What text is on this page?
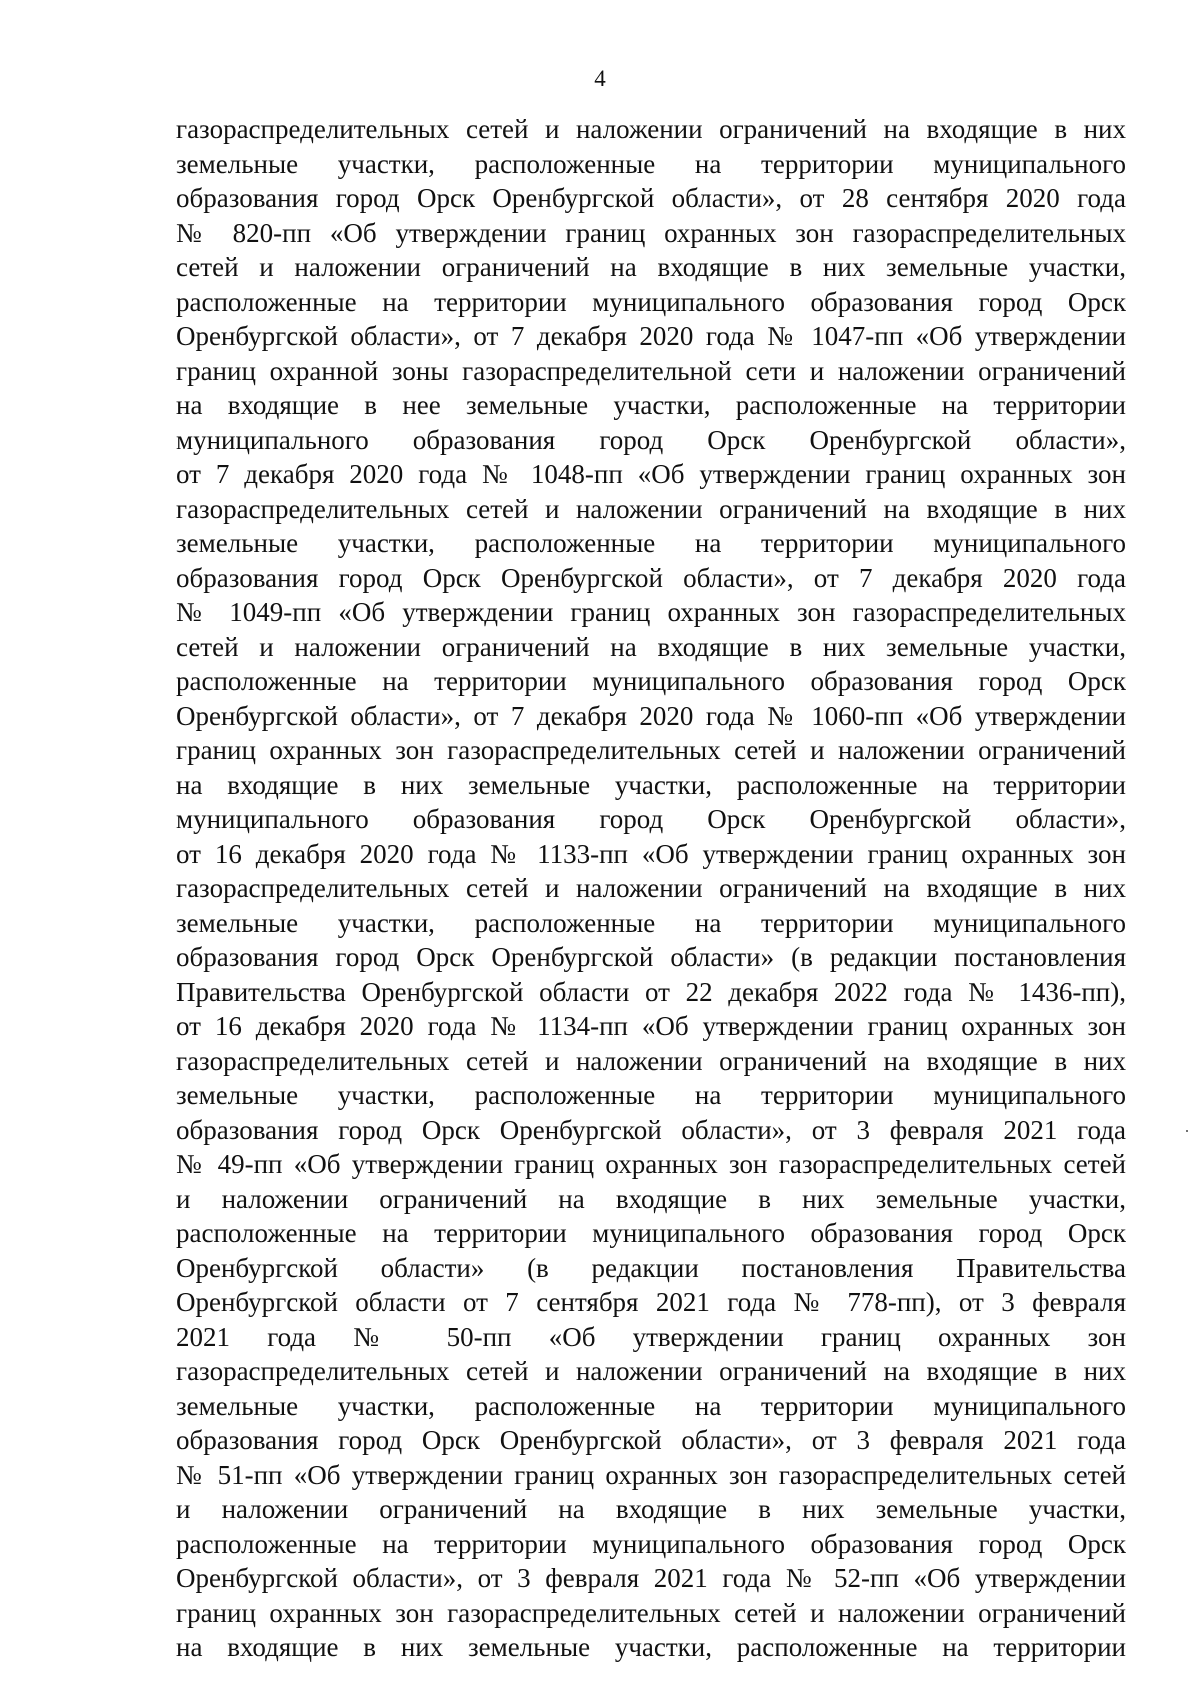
4
газораспределительных сетей и наложении ограничений на входящие в них
земельные участки, расположенные на территории муниципального
образования город Орск Оренбургской области», от 28 сентября 2020 года
№ 820-пп «Об утверждении границ охранных зон газораспределительных
сетей и наложении ограничений на входящие в них земельные участки,
расположенные на территории муниципального образования город Орск
Оренбургской области», от 7 декабря 2020 года № 1047-пп «Об утверждении
границ охранной зоны газораспределительной сети и наложении ограничений
на входящие в нее земельные участки, расположенные на территории
муниципального образования город Орск Оренбургской области»,
от 7 декабря 2020 года № 1048-пп «Об утверждении границ охранных зон
газораспределительных сетей и наложении ограничений на входящие в них
земельные участки, расположенные на территории муниципального
образования город Орск Оренбургской области», от 7 декабря 2020 года
№ 1049-пп «Об утверждении границ охранных зон газораспределительных
сетей и наложении ограничений на входящие в них земельные участки,
расположенные на территории муниципального образования город Орск
Оренбургской области», от 7 декабря 2020 года № 1060-пп «Об утверждении
границ охранных зон газораспределительных сетей и наложении ограничений
на входящие в них земельные участки, расположенные на территории
муниципального образования город Орск Оренбургской области»,
от 16 декабря 2020 года № 1133-пп «Об утверждении границ охранных зон
газораспределительных сетей и наложении ограничений на входящие в них
земельные участки, расположенные на территории муниципального
образования город Орск Оренбургской области» (в редакции постановления
Правительства Оренбургской области от 22 декабря 2022 года № 1436-пп),
от 16 декабря 2020 года № 1134-пп «Об утверждении границ охранных зон
газораспределительных сетей и наложении ограничений на входящие в них
земельные участки, расположенные на территории муниципального
образования город Орск Оренбургской области», от 3 февраля 2021 года
№ 49-пп «Об утверждении границ охранных зон газораспределительных сетей
и наложении ограничений на входящие в них земельные участки,
расположенные на территории муниципального образования город Орск
Оренбургской области» (в редакции постановления Правительства
Оренбургской области от 7 сентября 2021 года № 778-пп), от 3 февраля
2021 года № 50-пп «Об утверждении границ охранных зон
газораспределительных сетей и наложении ограничений на входящие в них
земельные участки, расположенные на территории муниципального
образования город Орск Оренбургской области», от 3 февраля 2021 года
№ 51-пп «Об утверждении границ охранных зон газораспределительных сетей
и наложении ограничений на входящие в них земельные участки,
расположенные на территории муниципального образования город Орск
Оренбургской области», от 3 февраля 2021 года № 52-пп «Об утверждении
границ охранных зон газораспределительных сетей и наложении ограничений
на входящие в них земельные участки, расположенные на территории
